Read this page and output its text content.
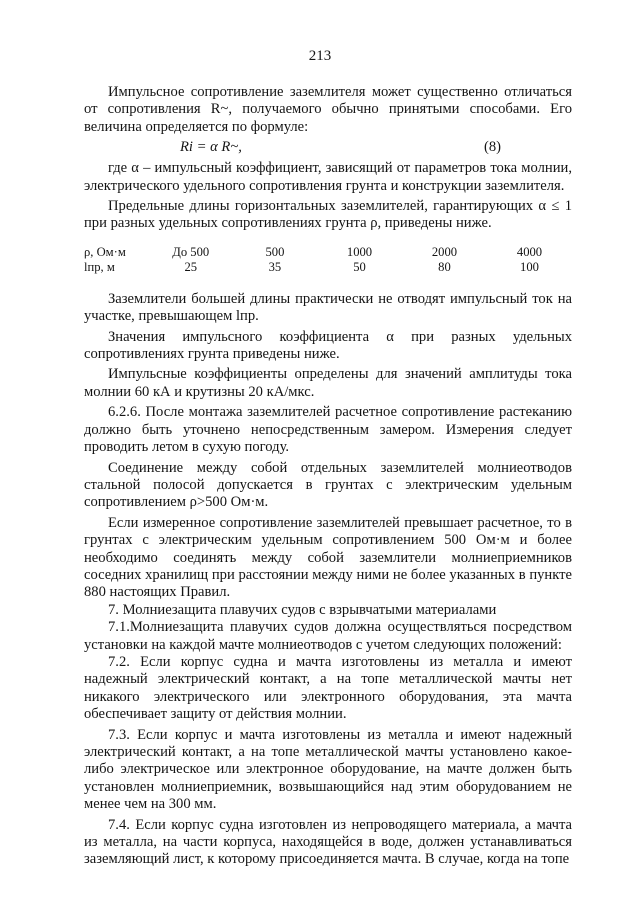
213

Импульсное сопротивление заземлителя может существенно отличаться от сопротивления R~, получаемого обычно принятыми способами. Его величина определяется по формуле:

Ri = α R~,	(8)

где α – импульсный коэффициент, зависящий от параметров тока молнии, электрического удельного сопротивления грунта и конструкции заземлителя.

Предельные длины горизонтальных заземлителей, гарантирующих α ≤ 1 при разных удельных сопротивлениях грунта ρ, приведены ниже.

ρ, Ом·м	До 500	500	1000	2000	4000
lпр, м	25	35	50	80	100

Заземлители большей длины практически не отводят импульсный ток на участке, превышающем lпр.

Значения импульсного коэффициента α при разных удельных сопротивлениях грунта приведены ниже.

Импульсные коэффициенты определены для значений амплитуды тока молнии 60 кА и крутизны 20 кА/мкс.

6.2.6. После монтажа заземлителей расчетное сопротивление растеканию должно быть уточнено непосредственным замером. Измерения следует проводить летом в сухую погоду.

Соединение между собой отдельных заземлителей молниеотводов стальной полосой допускается в грунтах с электрическим удельным сопротивлением ρ>500 Ом·м.

Если измеренное сопротивление заземлителей превышает расчетное, то в грунтах с электрическим удельным сопротивлением 500 Ом·м и более необходимо соединять между собой заземлители молниеприемников соседних хранилищ при расстоянии между ними не более указанных в пункте 880 настоящих Правил.

7. Молниезащита плавучих судов с взрывчатыми материалами

7.1.Молниезащита плавучих судов должна осуществляться посредством установки на каждой мачте молниеотводов с учетом следующих положений:

7.2. Если корпус судна и мачта изготовлены из металла и имеют надежный электрический контакт, а на топе металлической мачты нет никакого электрического или электронного оборудования, эта мачта обеспечивает защиту от действия молнии.

7.3. Если корпус и мачта изготовлены из металла и имеют надежный электрический контакт, а на топе металлической мачты установлено какое-либо электрическое или электронное оборудование, на мачте должен быть установлен молниеприемник, возвышающийся над этим оборудованием не менее чем на 300 мм.

7.4. Если корпус судна изготовлен из непроводящего материала, а мачта из металла, на части корпуса, находящейся в воде, должен устанавливаться заземляющий лист, к которому присоединяется мачта. В случае, когда на топе
